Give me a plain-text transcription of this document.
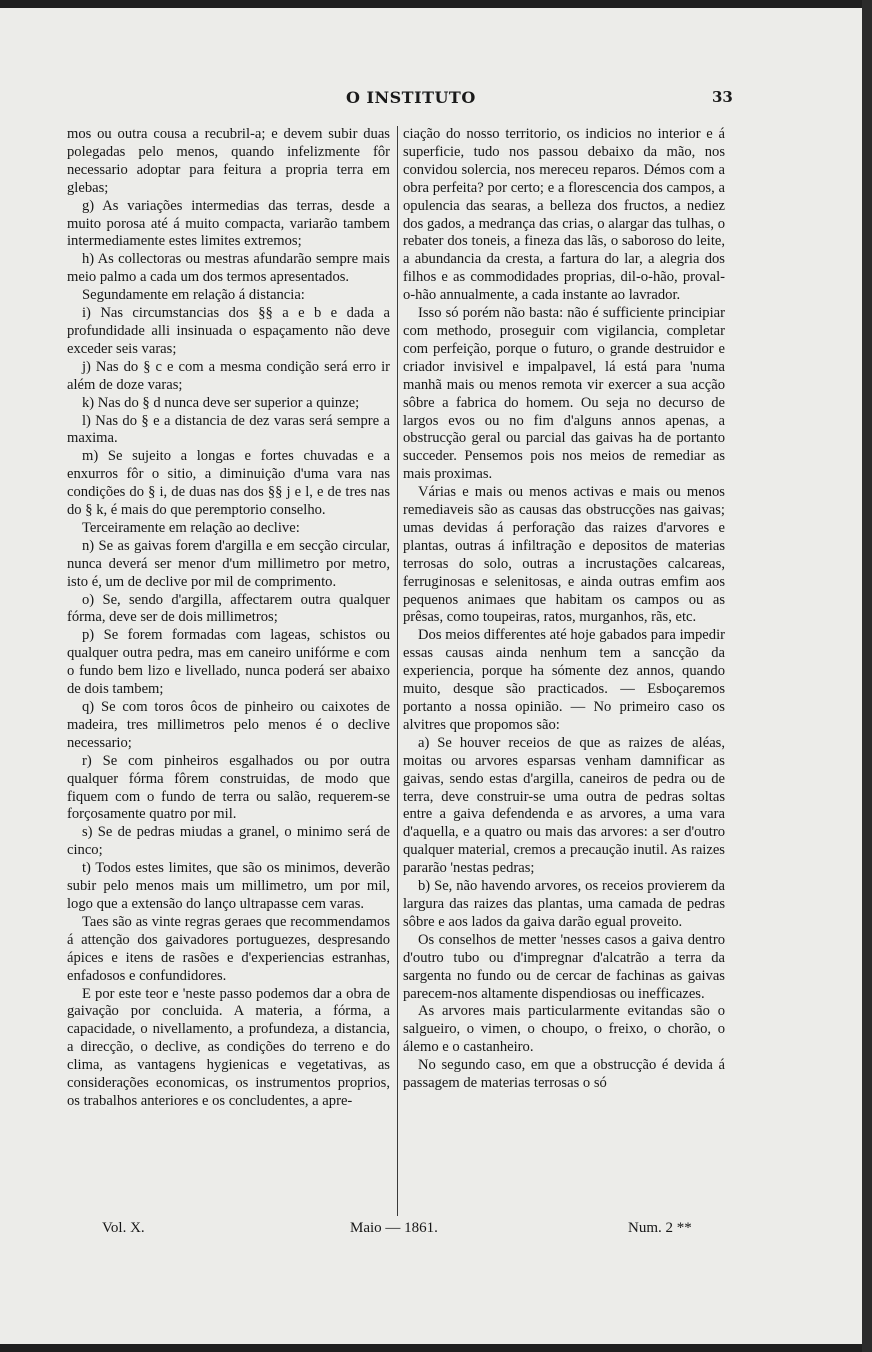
O INSTITUTO	33

mos ou outra cousa a recubril-a; e devem subir duas polegadas pelo menos, quando infelizmente fôr necessario adoptar para feitura a propria terra em glebas;

g) As variações intermedias das terras, desde a muito porosa até á muito compacta, variarão tambem intermediamente estes limites extremos;

h) As collectoras ou mestras afundarão sempre mais meio palmo a cada um dos termos apresentados.

Segundamente em relação á distancia:

i) Nas circumstancias dos §§ a e b e dada a profundidade alli insinuada o espaçamento não deve exceder seis varas;

j) Nas do § c e com a mesma condição será erro ir além de doze varas;

k) Nas do § d nunca deve ser superior a quinze;

l) Nas do § e a distancia de dez varas será sempre a maxima.

m) Se sujeito a longas e fortes chuvadas e a enxurros fôr o sitio, a diminuição d'uma vara nas condições do § i, de duas nas dos §§ j e l, e de tres nas do § k, é mais do que peremptorio conselho.

Terceiramente em relação ao declive:

n) Se as gaivas forem d'argilla e em secção circular, nunca deverá ser menor d'um millimetro por metro, isto é, um de declive por mil de comprimento.

o) Se, sendo d'argilla, affectarem outra qualquer fórma, deve ser de dois millimetros;

p) Se forem formadas com lageas, schistos ou qualquer outra pedra, mas em caneiro unifórme e com o fundo bem lizo e livellado, nunca poderá ser abaixo de dois tambem;

q) Se com toros ôcos de pinheiro ou caixotes de madeira, tres millimetros pelo menos é o declive necessario;

r) Se com pinheiros esgalhados ou por outra qualquer fórma fôrem construidas, de modo que fiquem com o fundo de terra ou salão, requerem-se forçosamente quatro por mil.

s) Se de pedras miudas a granel, o minimo será de cinco;

t) Todos estes limites, que são os minimos, deverão subir pelo menos mais um millimetro, um por mil, logo que a extensão do lanço ultrapasse cem varas.

Taes são as vinte regras geraes que recommendamos á attenção dos gaivadores portuguezes, despresando ápices e itens de rasões e d'experiencias estranhas, enfadosos e confundidores.

E por este teor e 'neste passo podemos dar a obra de gaivação por concluida. A materia, a fórma, a capacidade, o nivellamento, a profundeza, a distancia, a direcção, o declive, as condições do terreno e do clima, as vantagens hygienicas e vegetativas, as considerações economicas, os instrumentos proprios, os trabalhos anteriores e os concludentes, a apre-

ciação do nosso territorio, os indicios no interior e á superficie, tudo nos passou debaixo da mão, nos convidou solercia, nos mereceu reparos. Démos com a obra perfeita? por certo; e a florescencia dos campos, a opulencia das searas, a belleza dos fructos, a nediez dos gados, a medrança das crias, o alargar das tulhas, o rebater dos toneis, a fineza das lãs, o saboroso do leite, a abundancia da cresta, a fartura do lar, a alegria dos filhos e as commodidades proprias, dil-o-hão, proval-o-hão annualmente, a cada instante ao lavrador.

Isso só porém não basta: não é sufficiente principiar com methodo, proseguir com vigilancia, completar com perfeição, porque o futuro, o grande destruidor e criador invisivel e impalpavel, lá está para 'numa manhã mais ou menos remota vir exercer a sua acção sôbre a fabrica do homem. Ou seja no decurso de largos evos ou no fim d'alguns annos apenas, a obstrucção geral ou parcial das gaivas ha de portanto succeder. Pensemos pois nos meios de remediar as mais proximas.

Várias e mais ou menos activas e mais ou menos remediaveis são as causas das obstrucções nas gaivas; umas devidas á perforação das raizes d'arvores e plantas, outras á infiltração e depositos de materias terrosas do solo, outras a incrustações calcareas, ferruginosas e selenitosas, e ainda outras emfim aos pequenos animaes que habitam os campos ou as prêsas, como toupeiras, ratos, murganhos, rãs, etc.

Dos meios differentes até hoje gabados para impedir essas causas ainda nenhum tem a sancção da experiencia, porque ha sómente dez annos, quando muito, desque são practicados. — Esboçaremos portanto a nossa opinião. — No primeiro caso os alvitres que propomos são:

a) Se houver receios de que as raizes de aléas, moitas ou arvores esparsas venham damnificar as gaivas, sendo estas d'argilla, caneiros de pedra ou de terra, deve construir-se uma outra de pedras soltas entre a gaiva defendenda e as arvores, a uma vara d'aquella, e a quatro ou mais das arvores: a ser d'outro qualquer material, cremos a precaução inutil. As raizes pararão 'nestas pedras;

b) Se, não havendo arvores, os receios provierem da largura das raizes das plantas, uma camada de pedras sôbre e aos lados da gaiva darão egual proveito.

Os conselhos de metter 'nesses casos a gaiva dentro d'outro tubo ou d'impregnar d'alcatrão a terra da sargenta no fundo ou de cercar de fachinas as gaivas parecem-nos altamente dispendiosas ou inefficazes.

As arvores mais particularmente evitandas são o salgueiro, o vimen, o choupo, o freixo, o chorão, o álemo e o castanheiro.

No segundo caso, em que a obstrucção é devida á passagem de materias terrosas o só

Vol. X.	Maio — 1861.	Num. 2 **
